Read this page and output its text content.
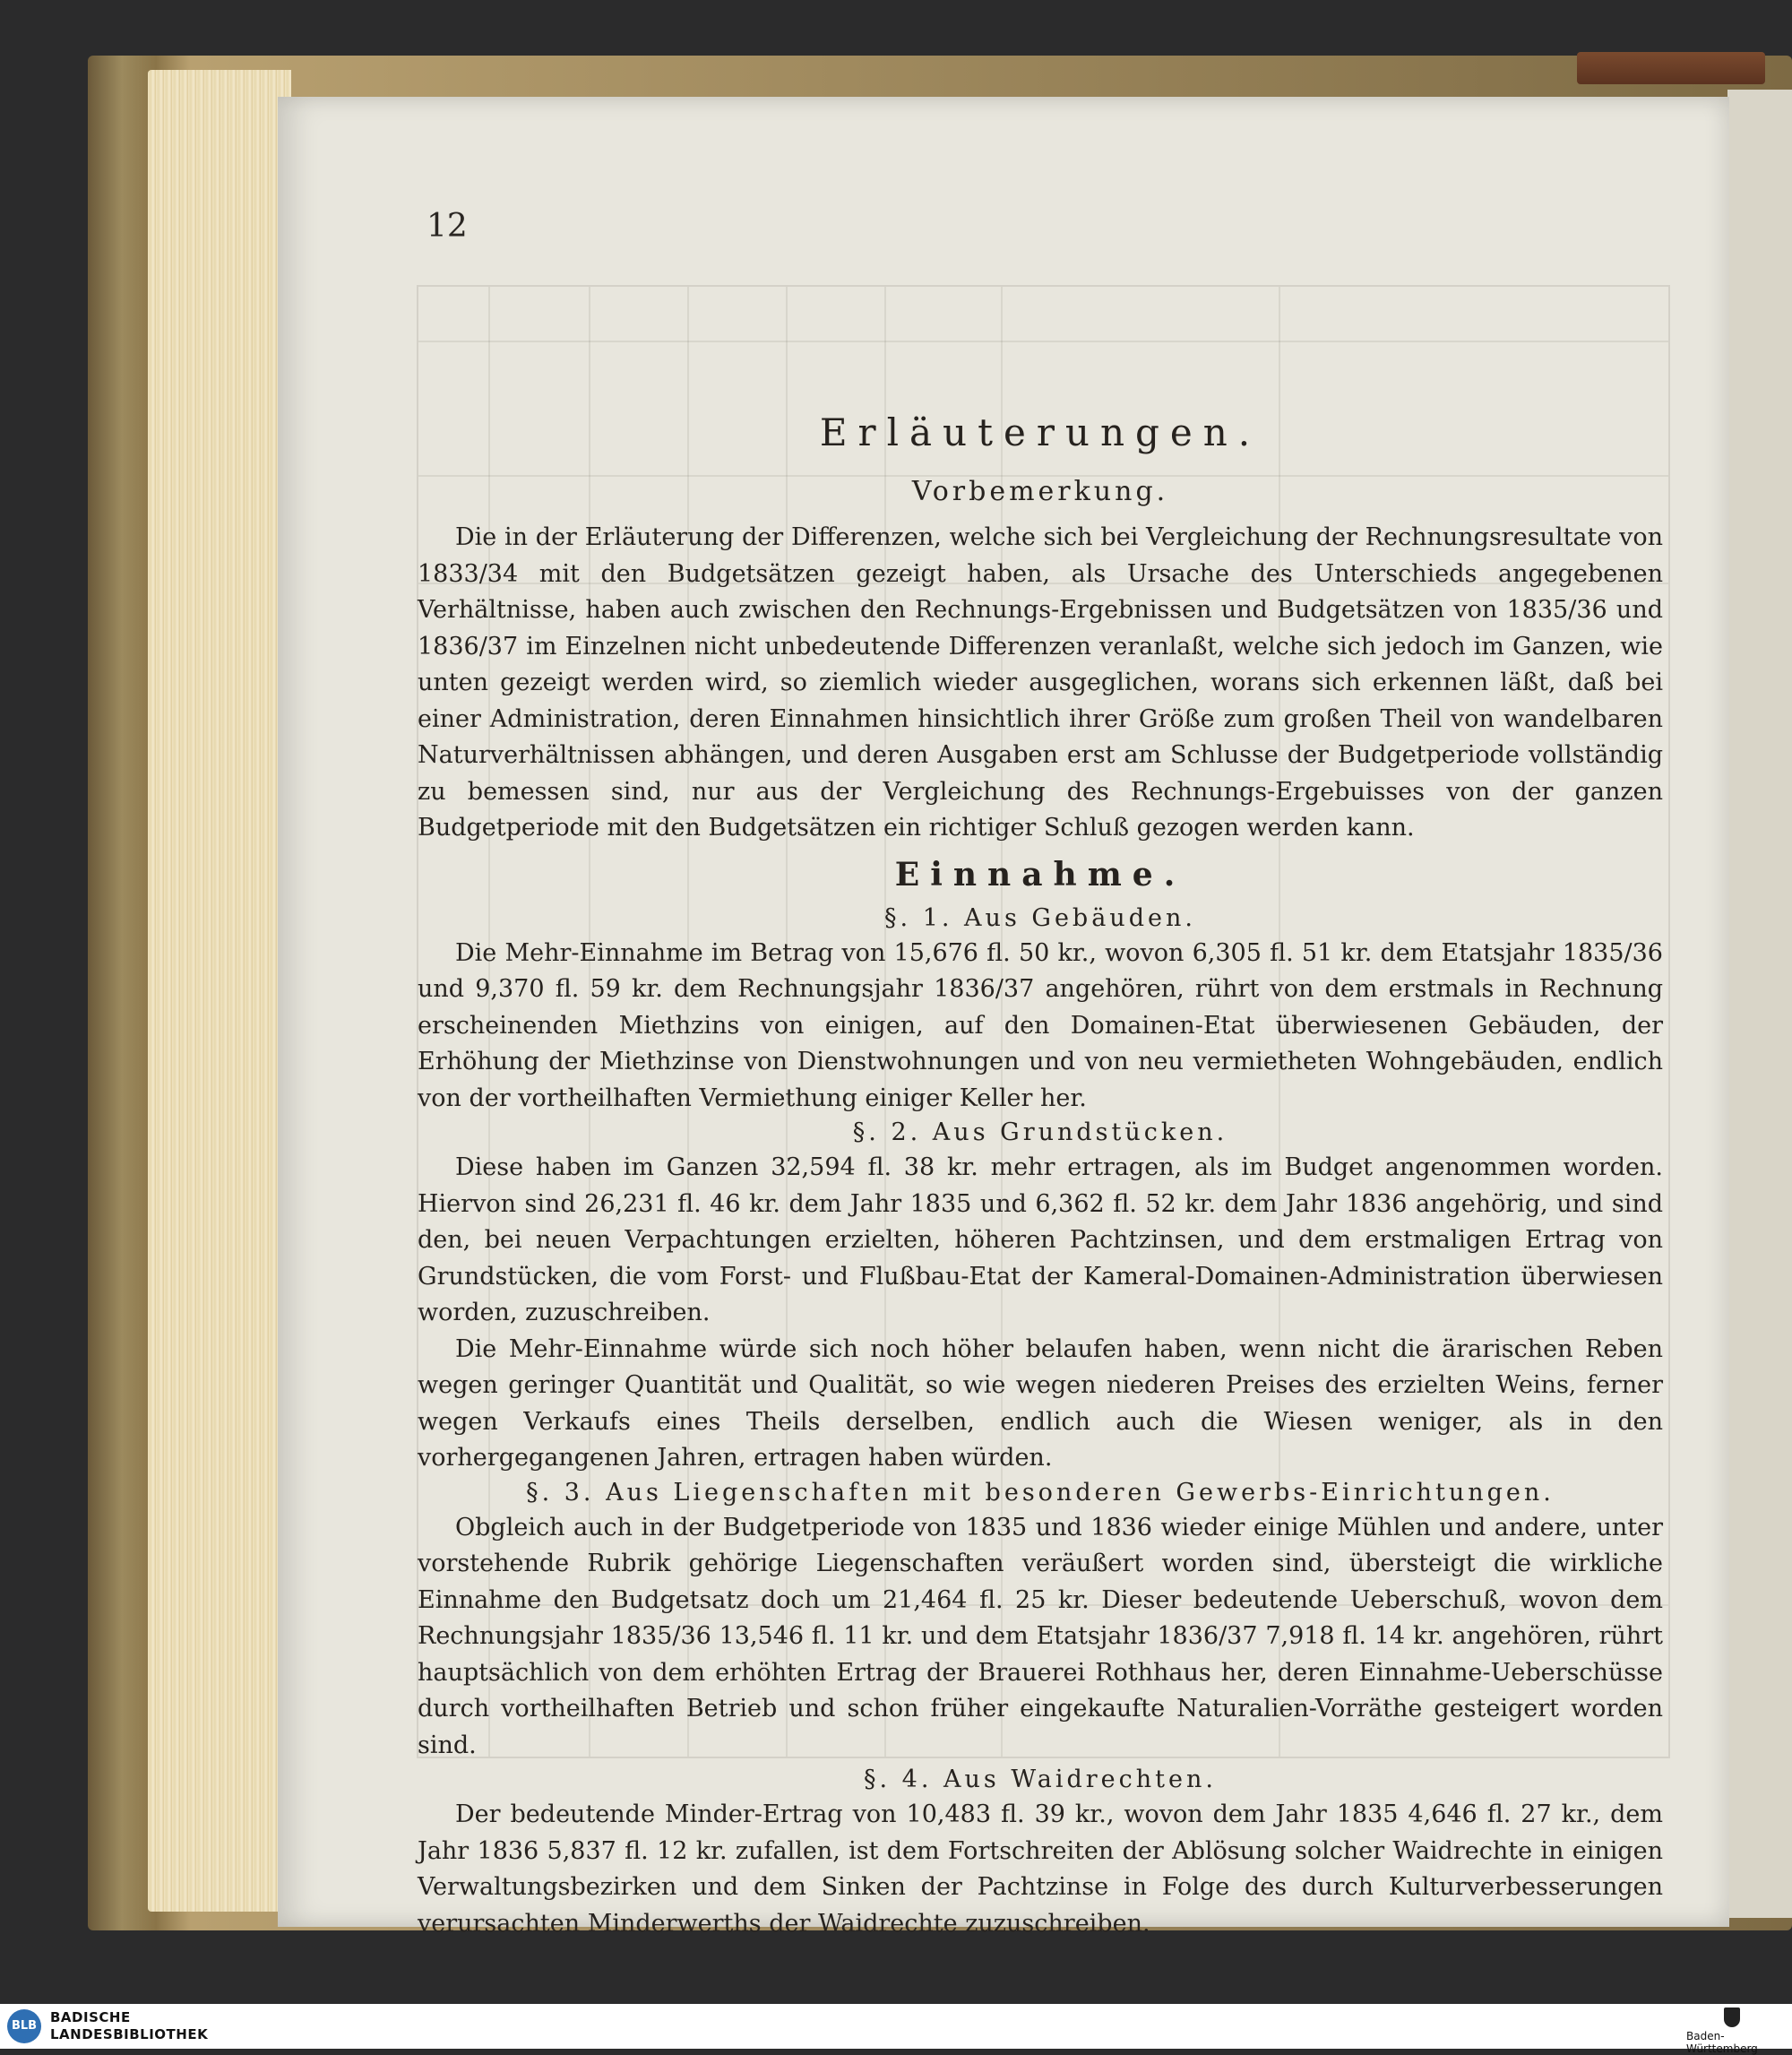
12

Erläuterungen.
Vorbemerkung.

Die in der Erläuterung der Differenzen, welche sich bei Vergleichung der Rechnungsresultate von 1833/34 mit den Budgetsätzen gezeigt haben, als Ursache des Unterschieds angegebenen Verhältnisse, haben auch zwischen den Rechnungs-Ergebnissen und Budgetsätzen von 1835/36 und 1836/37 im Einzelnen nicht unbedeutende Differenzen veranlaßt, welche sich jedoch im Ganzen, wie unten gezeigt werden wird, so ziemlich wieder ausgeglichen, worans sich erkennen läßt, daß bei einer Administration, deren Einnahmen hinsichtlich ihrer Größe zum großen Theil von wandelbaren Naturverhältnissen abhängen, und deren Ausgaben erst am Schlusse der Budgetperiode vollständig zu bemessen sind, nur aus der Vergleichung des Rechnungs-Ergebuisses von der ganzen Budgetperiode mit den Budgetsätzen ein richtiger Schluß gezogen werden kann.

Einnahme.
§. 1. Aus Gebäuden.

Die Mehr-Einnahme im Betrag von 15,676 fl. 50 kr., wovon 6,305 fl. 51 kr. dem Etatsjahr 1835/36 und 9,370 fl. 59 kr. dem Rechnungsjahr 1836/37 angehören, rührt von dem erstmals in Rechnung erscheinenden Miethzins von einigen, auf den Domainen-Etat überwiesenen Gebäuden, der Erhöhung der Miethzinse von Dienstwohnungen und von neu vermietheten Wohngebäuden, endlich von der vortheilhaften Vermiethung einiger Keller her.

§. 2. Aus Grundstücken.

Diese haben im Ganzen 32,594 fl. 38 kr. mehr ertragen, als im Budget angenommen worden. Hiervon sind 26,231 fl. 46 kr. dem Jahr 1835 und 6,362 fl. 52 kr. dem Jahr 1836 angehörig, und sind den, bei neuen Verpachtungen erzielten, höheren Pachtzinsen, und dem erstmaligen Ertrag von Grundstücken, die vom Forst- und Flußbau-Etat der Kameral-Domainen-Administration überwiesen worden, zuzuschreiben.

Die Mehr-Einnahme würde sich noch höher belaufen haben, wenn nicht die ärarischen Reben wegen geringer Quantität und Qualität, so wie wegen niederen Preises des erzielten Weins, ferner wegen Verkaufs eines Theils derselben, endlich auch die Wiesen weniger, als in den vorhergegangenen Jahren, ertragen haben würden.

§. 3. Aus Liegenschaften mit besonderen Gewerbs-Einrichtungen.

Obgleich auch in der Budgetperiode von 1835 und 1836 wieder einige Mühlen und andere, unter vorstehende Rubrik gehörige Liegenschaften veräußert worden sind, übersteigt die wirkliche Einnahme den Budgetsatz doch um 21,464 fl. 25 kr. Dieser bedeutende Ueberschuß, wovon dem Rechnungsjahr 1835/36 13,546 fl. 11 kr. und dem Etatsjahr 1836/37 7,918 fl. 14 kr. angehören, rührt hauptsächlich von dem erhöhten Ertrag der Brauerei Rothhaus her, deren Einnahme-Ueberschüsse durch vortheilhaften Betrieb und schon früher eingekaufte Naturalien-Vorräthe gesteigert worden sind.

§. 4. Aus Waidrechten.

Der bedeutende Minder-Ertrag von 10,483 fl. 39 kr., wovon dem Jahr 1835 4,646 fl. 27 kr., dem Jahr 1836 5,837 fl. 12 kr. zufallen, ist dem Fortschreiten der Ablösung solcher Waidrechte in einigen Verwaltungsbezirken und dem Sinken der Pachtzinse in Folge des durch Kulturverbesserungen verursachten Minderwerths der Waidrechte zuzuschreiben.

BLB

BADISCHE

LANDESBIBLIOTHEK	Baden-Württemberg
